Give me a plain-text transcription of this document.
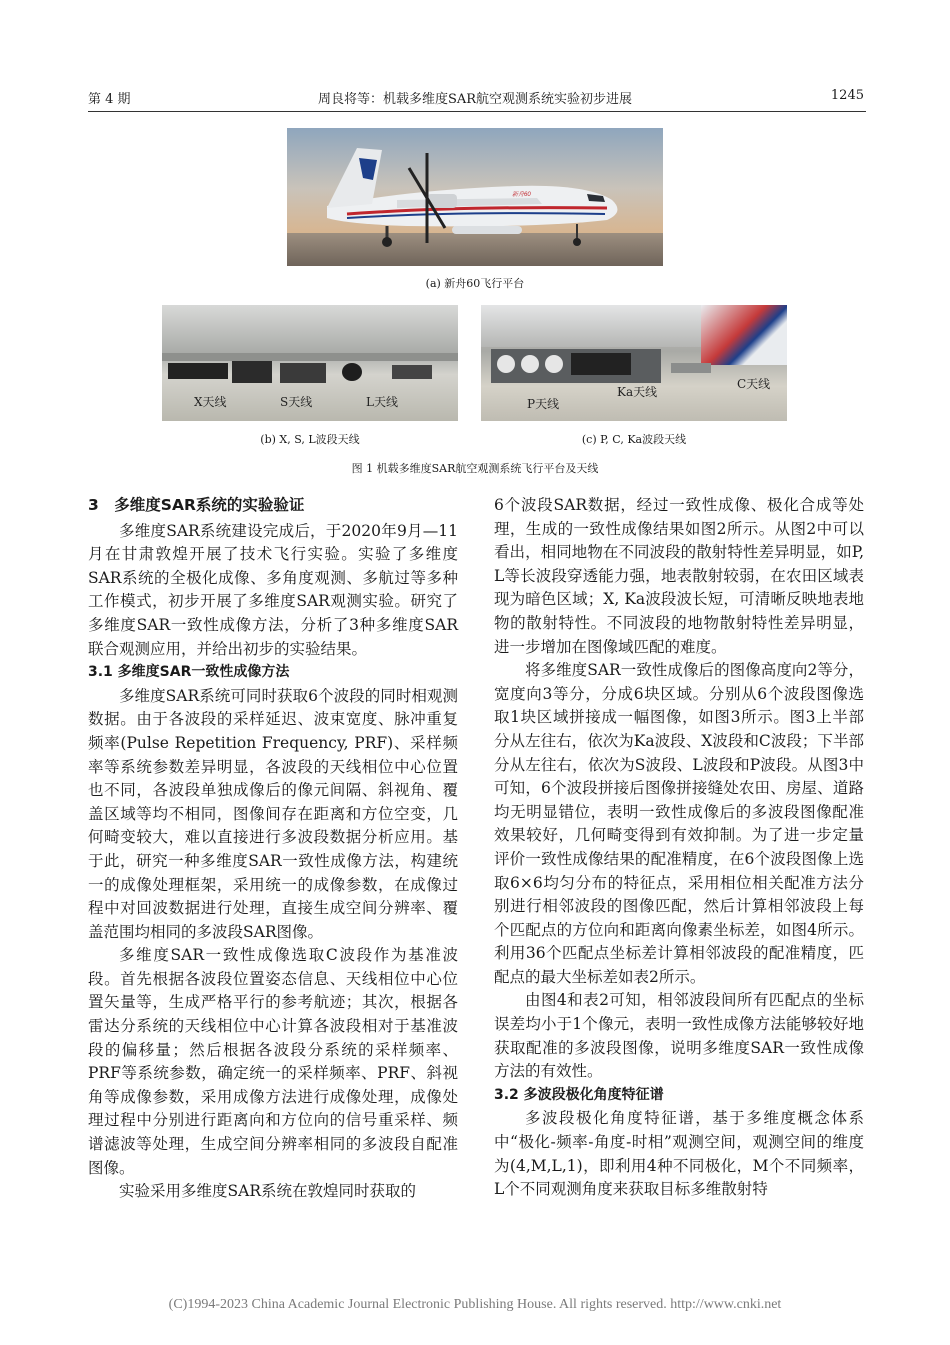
第 4 期	周良将等：机载多维度SAR航空观测系统实验初步进展	1245
新舟60
(a) 新舟60飞行平台
X天线	S天线	L天线
(b) X, S, L波段天线
P天线
Ka天线
C天线
(c) P, C, Ka波段天线
图 1 机载多维度SAR航空观测系统飞行平台及天线

3　多维度SAR系统的实验验证

多维度SAR系统建设完成后，于2020年9月—11月在甘肃敦煌开展了技术飞行实验。实验了多维度SAR系统的全极化成像、多角度观测、多航过等多种工作模式，初步开展了多维度SAR观测实验。研究了多维度SAR一致性成像方法，分析了3种多维度SAR联合观测应用，并给出初步的实验结果。

3.1 多维度SAR一致性成像方法

多维度SAR系统可同时获取6个波段的同时相观测数据。由于各波段的采样延迟、波束宽度、脉冲重复频率(Pulse Repetition Frequency, PRF)、采样频率等系统参数差异明显，各波段的天线相位中心位置也不同，各波段单独成像后的像元间隔、斜视角、覆盖区域等均不相同，图像间存在距离和方位空变，几何畸变较大，难以直接进行多波段数据分析应用。基于此，研究一种多维度SAR一致性成像方法，构建统一的成像处理框架，采用统一的成像参数，在成像过程中对回波数据进行处理，直接生成空间分辨率、覆盖范围均相同的多波段SAR图像。

多维度SAR一致性成像选取C波段作为基准波段。首先根据各波段位置姿态信息、天线相位中心位置矢量等，生成严格平行的参考航迹；其次，根据各雷达分系统的天线相位中心计算各波段相对于基准波段的偏移量；然后根据各波段分系统的采样频率、PRF等系统参数，确定统一的采样频率、PRF、斜视角等成像参数，采用成像方法进行成像处理，成像处理过程中分别进行距离向和方位向的信号重采样、频谱滤波等处理，生成空间分辨率相同的多波段自配准图像。

实验采用多维度SAR系统在敦煌同时获取的

6个波段SAR数据，经过一致性成像、极化合成等处理，生成的一致性成像结果如图2所示。从图2中可以看出，相同地物在不同波段的散射特性差异明显，如P, L等长波段穿透能力强，地表散射较弱，在农田区域表现为暗色区域；X, Ka波段波长短，可清晰反映地表地物的散射特性。不同波段的地物散射特性差异明显，进一步增加在图像域匹配的难度。

将多维度SAR一致性成像后的图像高度向2等分，宽度向3等分，分成6块区域。分别从6个波段图像选取1块区域拼接成一幅图像，如图3所示。图3上半部分从左往右，依次为Ka波段、X波段和C波段；下半部分从左往右，依次为S波段、L波段和P波段。从图3中可知，6个波段拼接后图像拼接缝处农田、房屋、道路均无明显错位，表明一致性成像后的多波段图像配准效果较好，几何畸变得到有效抑制。为了进一步定量评价一致性成像结果的配准精度，在6个波段图像上选取6×6均匀分布的特征点，采用相位相关配准方法分别进行相邻波段的图像匹配，然后计算相邻波段上每个匹配点的方位向和距离向像素坐标差，如图4所示。利用36个匹配点坐标差计算相邻波段的配准精度，匹配点的最大坐标差如表2所示。

由图4和表2可知，相邻波段间所有匹配点的坐标误差均小于1个像元，表明一致性成像方法能够较好地获取配准的多波段图像，说明多维度SAR一致性成像方法的有效性。

3.2 多波段极化角度特征谱

多波段极化角度特征谱，基于多维度概念体系中“极化-频率-角度-时相”观测空间，观测空间的维度为(4,M,L,1)，即利用4种不同极化，M个不同频率，L个不同观测角度来获取目标多维散射特

(C)1994-2023 China Academic Journal Electronic Publishing House. All rights reserved. http://www.cnki.net
